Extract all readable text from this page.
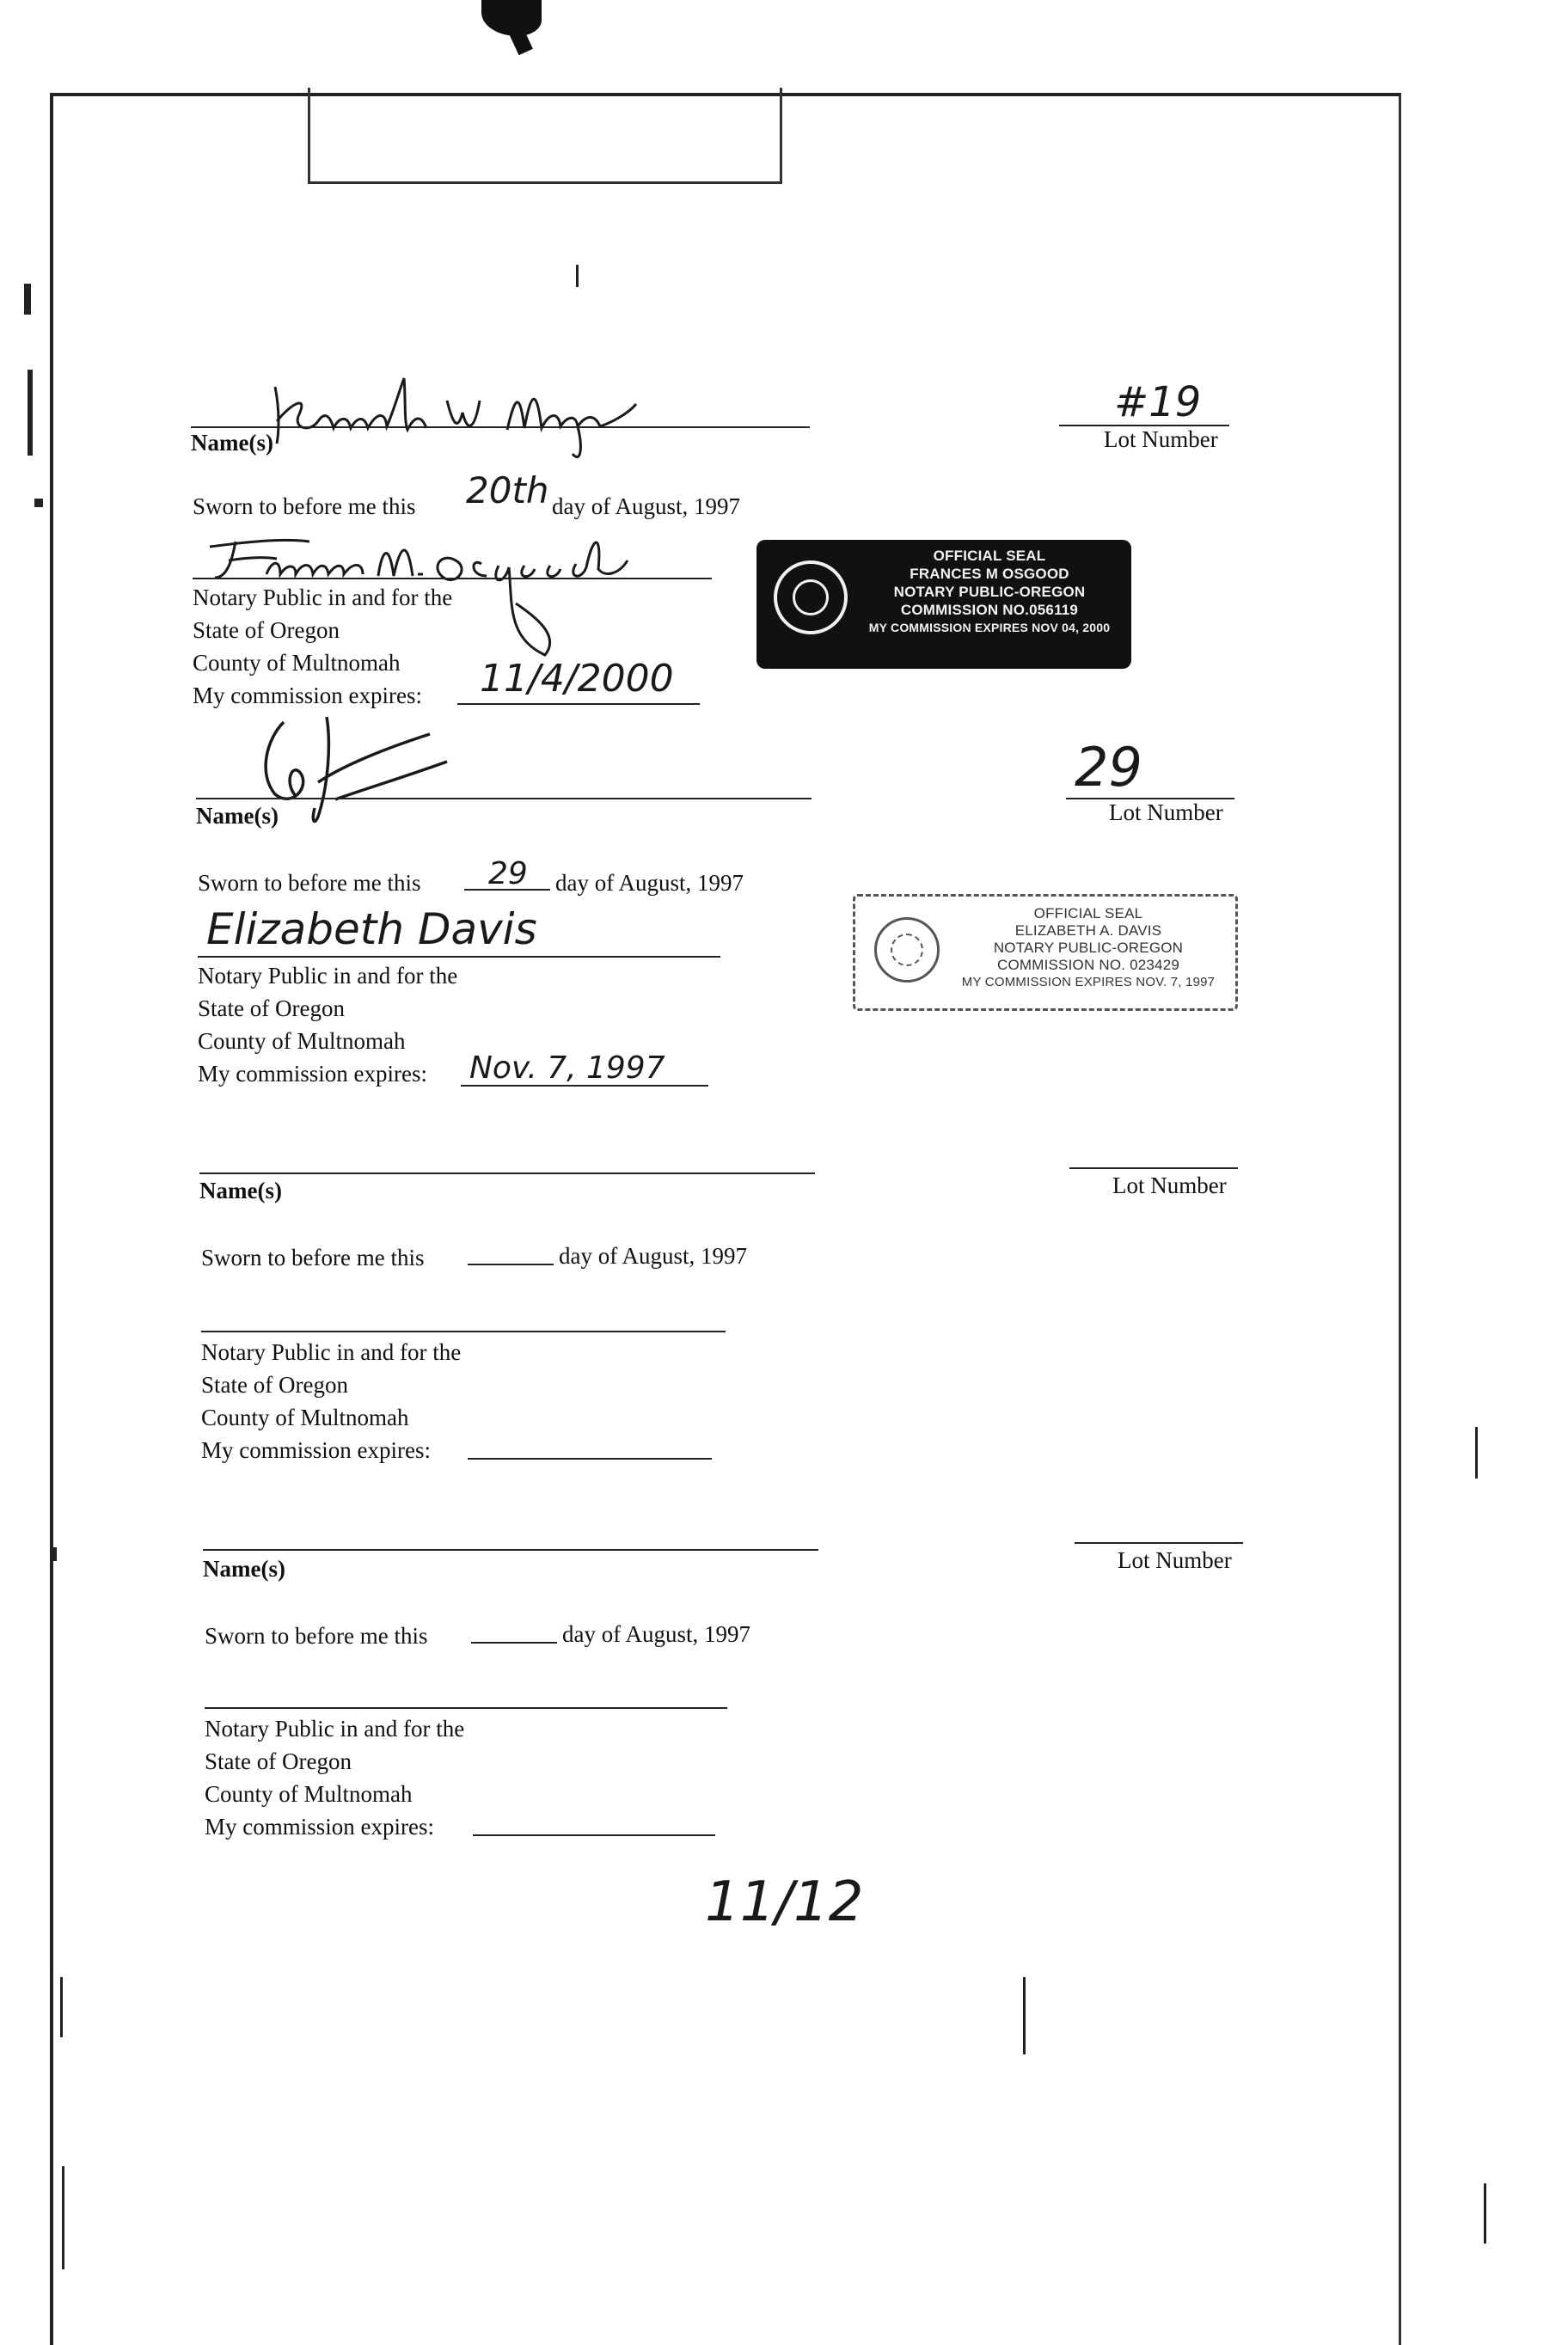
Name(s)
#19
Lot Number
Sworn to before me this 20th day of August, 1997
Notary Public in and for the
State of Oregon
County of Multnomah
My commission expires: 11/4/2000
OFFICIAL SEAL
FRANCES M OSGOOD
NOTARY PUBLIC-OREGON
COMMISSION NO.056119
MY COMMISSION EXPIRES NOV 04, 2000
Name(s)
29
Lot Number
Sworn to before me this 29 day of August, 1997
Elizabeth Davis
Notary Public in and for the
State of Oregon
County of Multnomah
My commission expires: Nov. 7, 1997
OFFICIAL SEAL
ELIZABETH A. DAVIS
NOTARY PUBLIC-OREGON
COMMISSION NO. 023429
MY COMMISSION EXPIRES NOV. 7, 1997
Name(s)	Lot Number
Sworn to before me this	day of August, 1997
Notary Public in and for the
State of Oregon
County of Multnomah
My commission expires:
Name(s)	Lot Number
Sworn to before me this	day of August, 1997
Notary Public in and for the
State of Oregon
County of Multnomah
My commission expires:
11/12
